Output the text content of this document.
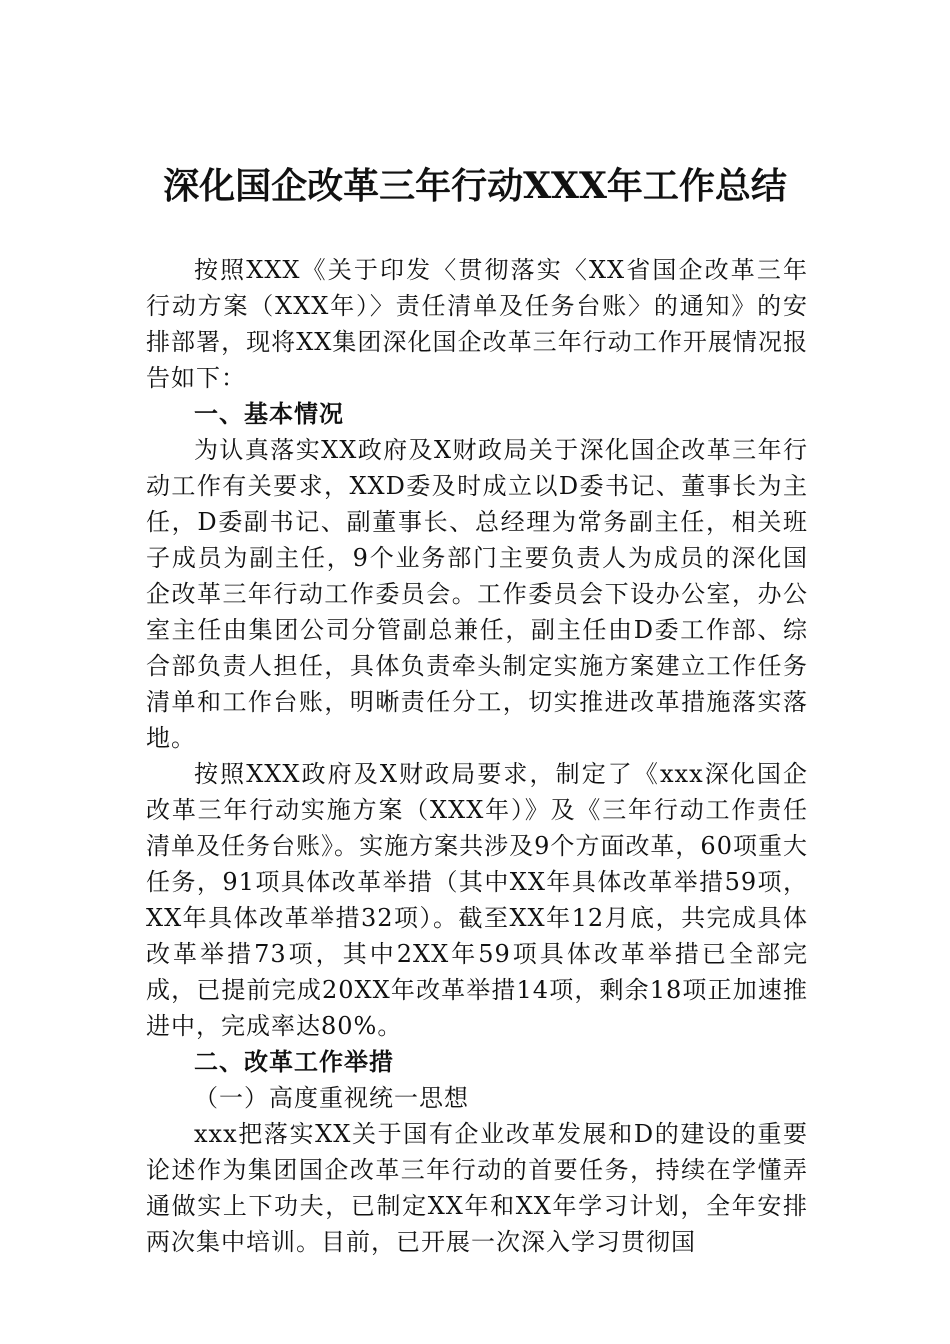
深化国企改革三年行动XXX年工作总结

按照XXX《关于印发〈贯彻落实〈XX省国企改革三年行动方案（XXX年）〉责任清单及任务台账〉的通知》的安排部署，现将XX集团深化国企改革三年行动工作开展情况报告如下：

一、基本情况

为认真落实XX政府及X财政局关于深化国企改革三年行动工作有关要求，XXD委及时成立以D委书记、董事长为主任，D委副书记、副董事长、总经理为常务副主任，相关班子成员为副主任，9个业务部门主要负责人为成员的深化国企改革三年行动工作委员会。工作委员会下设办公室，办公室主任由集团公司分管副总兼任，副主任由D委工作部、综合部负责人担任，具体负责牵头制定实施方案建立工作任务清单和工作台账，明晰责任分工，切实推进改革措施落实落地。

按照XXX政府及X财政局要求，制定了《xxx深化国企改革三年行动实施方案（XXX年）》及《三年行动工作责任清单及任务台账》。实施方案共涉及9个方面改革，60项重大任务，91项具体改革举措（其中XX年具体改革举措59项，XX年具体改革举措32项）。截至XX年12月底，共完成具体改革举措73项，其中2XX年59项具体改革举措已全部完成，已提前完成20XX年改革举措14项，剩余18项正加速推进中，完成率达80%。

二、改革工作举措

（一）高度重视统一思想

xxx把落实XX关于国有企业改革发展和D的建设的重要论述作为集团国企改革三年行动的首要任务，持续在学懂弄通做实上下功夫，已制定XX年和XX年学习计划，全年安排两次集中培训。目前，已开展一次深入学习贯彻国
